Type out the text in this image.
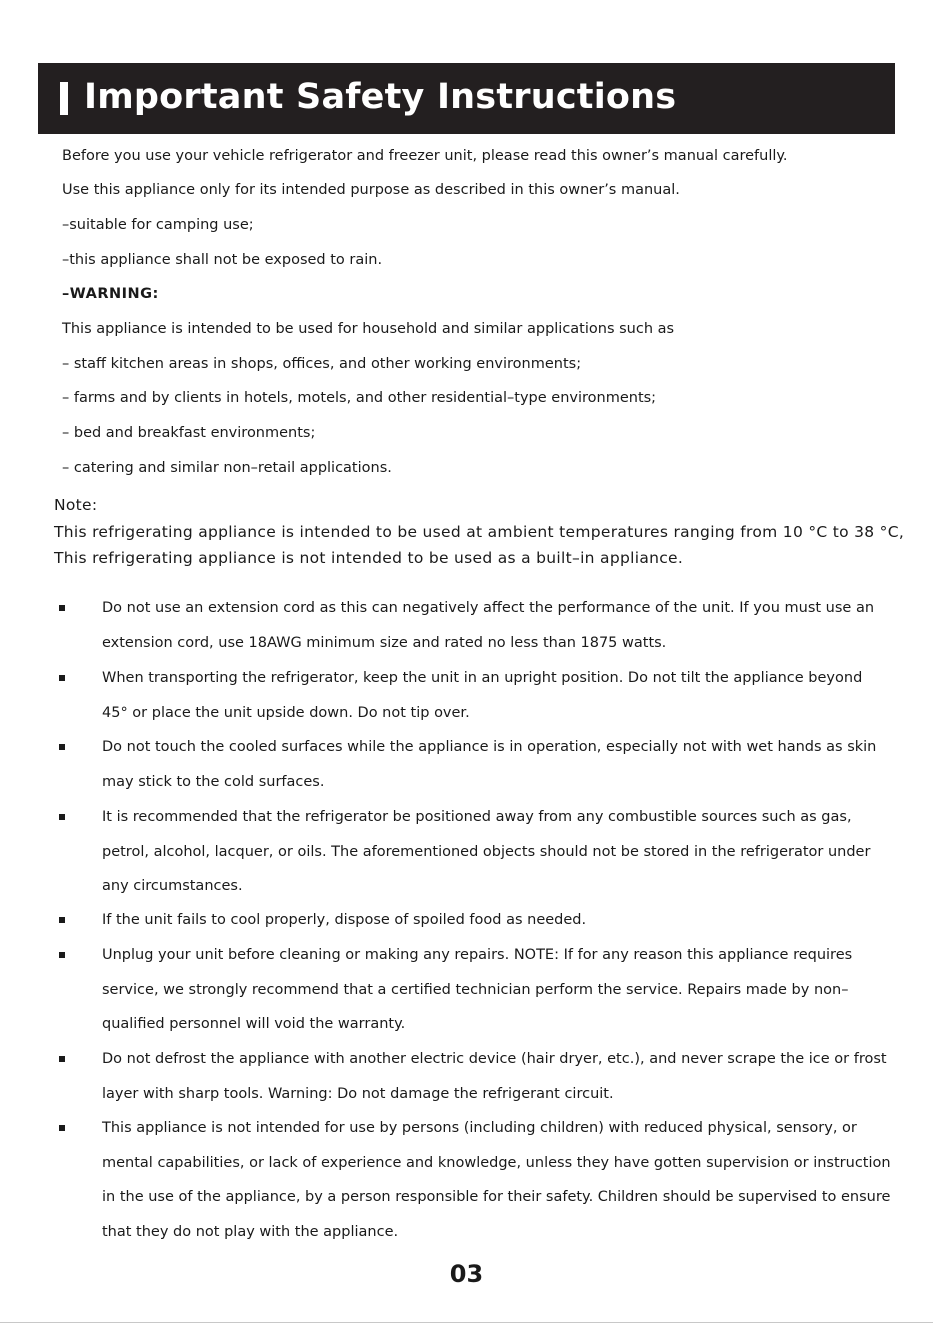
Important Safety Instructions

Before you use your vehicle refrigerator and freezer unit, please read this owner’s manual carefully.

Use this appliance only for its intended purpose as described in this owner’s manual.

–suitable for camping use;

–this appliance shall not be exposed to rain.

–WARNING:

This appliance is intended to be used for household and similar applications such as

– staff kitchen areas in shops, offices, and other working environments;

– farms and by clients in hotels, motels, and other residential–type environments;

– bed and breakfast environments;

– catering and similar non–retail applications.

Note:

This refrigerating appliance is intended to be used at ambient temperatures ranging from 10 °C to 38 °C,

This refrigerating appliance is not intended to be used as a built–in appliance.

Do not use an extension cord as this can negatively affect the performance of the unit. If you must use an extension cord, use 18AWG minimum size and rated no less than 1875 watts.

When transporting the refrigerator, keep the unit in an upright position. Do not tilt the appliance beyond 45° or place the unit upside down. Do not tip over.

Do not touch the cooled surfaces while the appliance is in operation, especially not with wet hands as skin may stick to the cold surfaces.

It is recommended that the refrigerator be positioned away from any combustible sources such as gas, petrol, alcohol, lacquer, or oils. The aforementioned objects should not be stored in the refrigerator under any circumstances.

If the unit fails to cool properly, dispose of spoiled food as needed.

Unplug your unit before cleaning or making any repairs. NOTE: If for any reason this appliance requires service, we strongly recommend that a certified technician perform the service. Repairs made by non–qualified personnel will void the warranty.

Do not defrost the appliance with another electric device (hair dryer, etc.), and never scrape the ice or frost layer with sharp tools. Warning: Do not damage the refrigerant circuit.

This appliance is not intended for use by persons (including children) with reduced physical, sensory, or mental capabilities, or lack of experience and knowledge, unless they have gotten supervision or instruction in the use of the appliance, by a person responsible for their safety. Children should be supervised to ensure that they do not play with the appliance.

03
